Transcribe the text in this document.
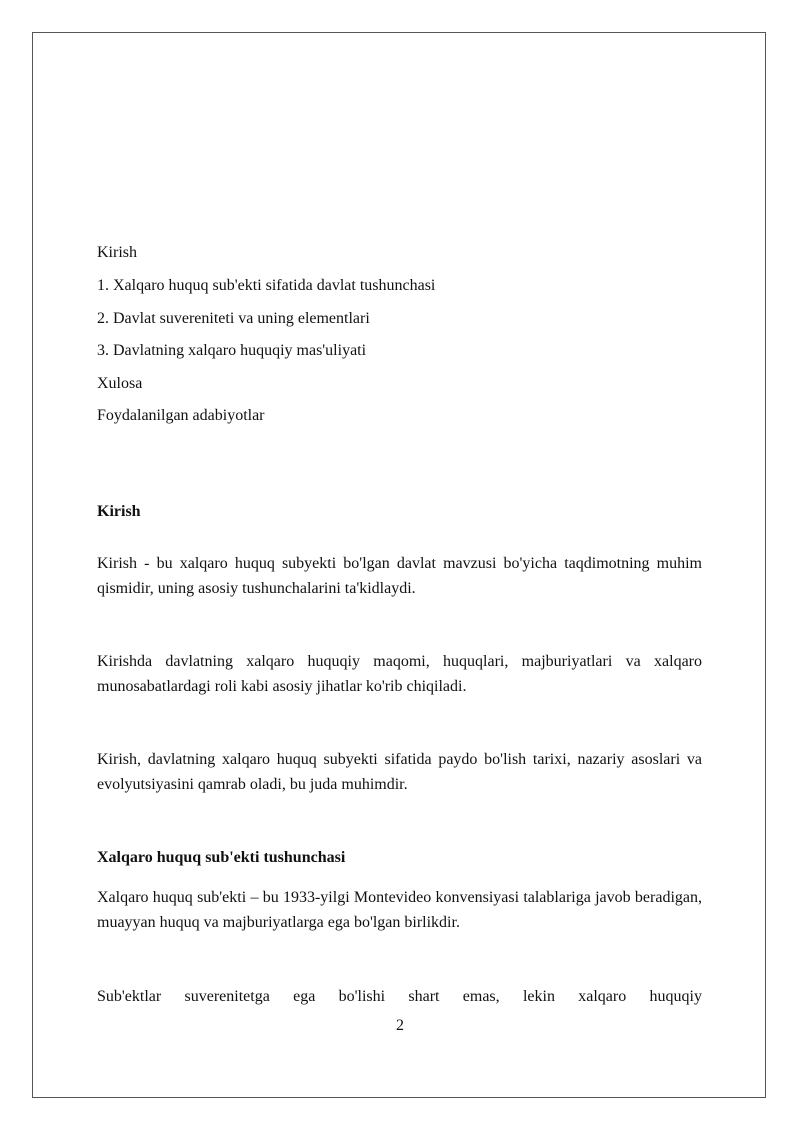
Kirish
1. Xalqaro huquq sub'ekti sifatida davlat tushunchasi
2. Davlat suvereniteti va uning elementlari
3. Davlatning xalqaro huquqiy mas'uliyati
Xulosa
Foydalanilgan adabiyotlar
Kirish
Kirish - bu xalqaro huquq subyekti bo'lgan davlat mavzusi bo'yicha taqdimotning muhim qismidir, uning asosiy tushunchalarini ta'kidlaydi.
Kirishda davlatning xalqaro huquqiy maqomi, huquqlari, majburiyatlari va xalqaro munosabatlardagi roli kabi asosiy jihatlar ko'rib chiqiladi.
Kirish, davlatning xalqaro huquq subyekti sifatida paydo bo'lish tarixi, nazariy asoslari va evolyutsiyasini qamrab oladi, bu juda muhimdir.
Xalqaro huquq sub'ekti tushunchasi
Xalqaro huquq sub'ekti – bu 1933-yilgi Montevideo konvensiyasi talablariga javob beradigan, muayyan huquq va majburiyatlarga ega bo'lgan birlikdir.
Sub'ektlar suverenitetga ega bo'lishi shart emas, lekin xalqaro huquqiy
2
